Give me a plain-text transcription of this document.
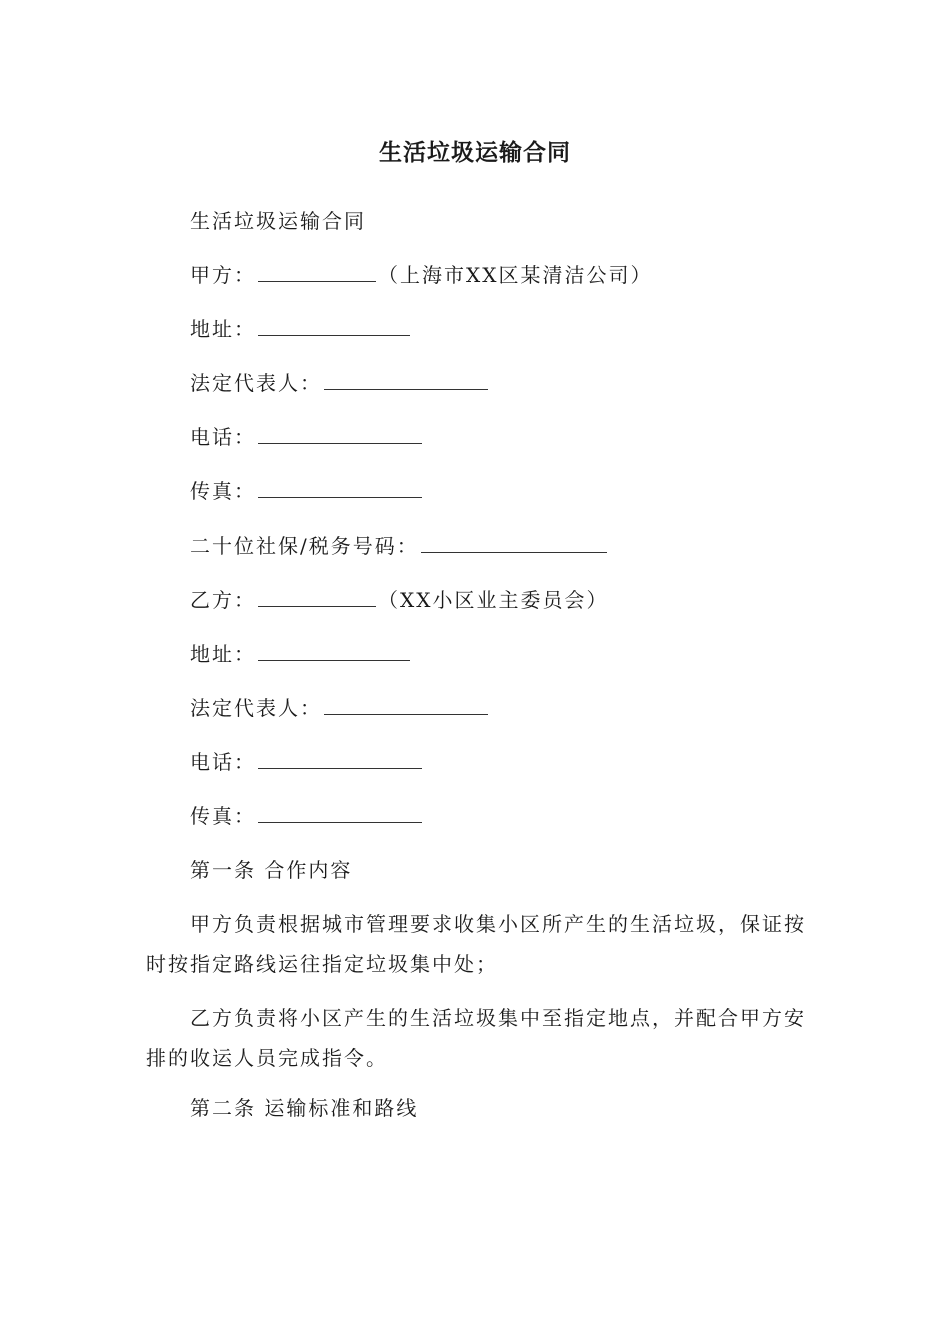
生活垃圾运输合同
生活垃圾运输合同
甲方：	（上海市XX区某清洁公司）
地址：
法定代表人：
电话：
传真：
二十位社保/税务号码：
乙方：	（XX小区业主委员会）
地址：
法定代表人：
电话：
传真：
第一条 合作内容
甲方负责根据城市管理要求收集小区所产生的生活垃圾，保证按时按指定路线运往指定垃圾集中处；
乙方负责将小区产生的生活垃圾集中至指定地点，并配合甲方安排的收运人员完成指令。
第二条 运输标准和路线
